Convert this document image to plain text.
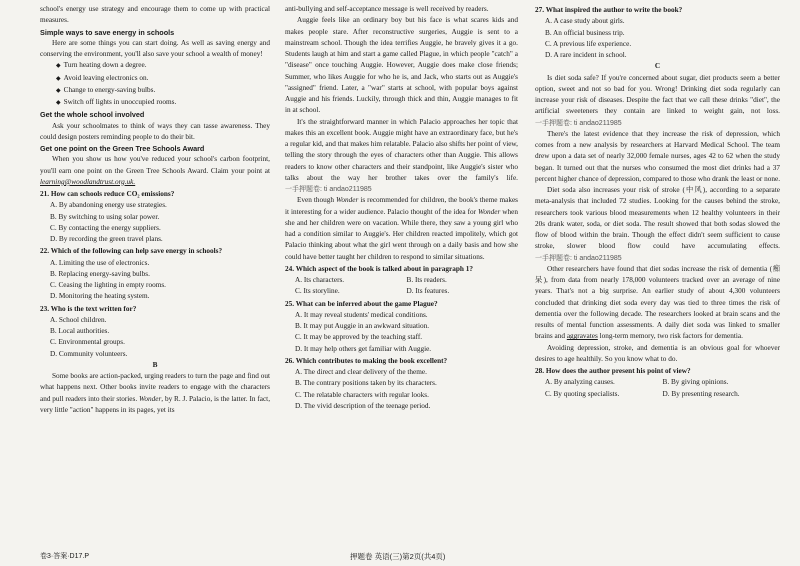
school's energy use strategy and encourage them to come up with practical measures.
Simple ways to save energy in schools
Here are some things you can start doing. As well as saving energy and conserving the environment, you'll also save your school a wealth of money!
◆ Turn heating down a degree.
◆ Avoid leaving electronics on.
◆ Change to energy-saving bulbs.
◆ Switch off lights in unoccupied rooms.
Get the whole school involved
Ask your schoolmates to think of ways they can tasse awareness. They could design posters reminding people to do their bit.
Get one point on the Green Tree Schools Award
When you show us how you've reduced your school's carbon footprint, you'll earn one point on the Green Tree Schools Award. Claim your point at learning@woodlandtrust.org.uk.
21. How can schools reduce CO₂ emissions?
A. By abandoning energy use strategies.
B. By switching to using solar power.
C. By contacting the energy suppliers.
D. By recording the green travel plans.
22. Which of the following can help save energy in schools?
A. Limiting the use of electronics.
B. Replacing energy-saving bulbs.
C. Ceasing the lighting in empty rooms.
D. Monitoring the heating system.
23. Who is the text written for?
A. School children.
B. Local authorities.
C. Environmental groups.
D. Community volunteers.
B
Some books are action-packed, urging readers to turn the page and find out what happens next. Other books invite readers to engage with the characters and pull readers into their stories. Wonder, by R. J. Palacio, is the latter. In fact, very little "action" happens in its pages, yet its
anti-bullying and self-acceptance message is well received by readers.
Auggie feels like an ordinary boy but his face is what scares kids and makes people stare. After reconstructive surgeries, Auggie is sent to a mainstream school. Though the idea terrifies Auggie, he bravely gives it a go. Students laugh at him and start a game called Plague, in which people "catch" a "disease" once touching Auggie. However, Auggie does make close friends; Summer, who likes Auggie for who he is, and Jack, who starts out as Auggie's "assigned" friend. Later, a "war" starts at school, with popular boys against Auggie and his friends. Luckily, through thick and thin, Auggie manages to fit in at school.
It's the straightforward manner in which Palacio approaches her topic that makes this an excellent book. Auggie might have an extraordinary face, but he's a regular kid, and that makes him relatable. Palacio also shifts her point of view, telling the story through the eyes of characters other than Auggie. This allows readers to know other characters and their standpoint, like Auggie's sister who talks about the way her brother takes over the family's life. 一手押题卷: ti andao211985
Even though Wonder is recommended for children, the book's theme makes it interesting for a wider audience. Palacio thought of the idea for Wonder when she and her children were on vacation. While there, they saw a young girl who had a condition similar to Auggie's. Her children reacted impolitely, which got Palacio thinking about what the girl went through on a daily basis and how she could have better taught her children to respond to similar situations.
24. Which aspect of the book is talked about in paragraph 1?
A. Its characters.	B. Its readers.
C. Its storyline.	D. Its features.
25. What can be inferred about the game Plague?
A. It may reveal students' medical conditions.
B. It may put Auggie in an awkward situation.
C. It may be approved by the teaching staff.
D. It may help others get familiar with Auggie.
26. Which contributes to making the book excellent?
A. The direct and clear delivery of the theme.
B. The contrary positions taken by its characters.
C. The relatable characters with regular looks.
D. The vivid description of the teenage period.
27. What inspired the author to write the book?
A. A case study about girls.
B. An official business trip.
C. A previous life experience.
D. A rare incident in school.
C
Is diet soda safe? If you're concerned about sugar, diet products seem a better option, sweet and not so bad for you. Wrong! Drinking diet soda regularly can increase your risk of diseases. Despite the fact that we call these drinks "diet", the artificial sweeteners they contain are linked to weight gain, not loss. 一手押题卷: ti andao211985
There's the latest evidence that they increase the risk of depression, which comes from a new analysis by researchers at Harvard Medical School. The team drew upon a data set of nearly 32,000 female nurses, ages 42 to 62 when the study began. It turned out that the nurses who consumed the most diet drinks had a 37 percent higher chance of depression, compared to those who drank the least or none.
Diet soda also increases your risk of stroke (中风), according to a separate meta-analysis that included 72 studies. Looking for the causes behind the stroke, researchers took various blood measurements when 12 healthy volunteers in their 20s drank water, soda, or diet soda. The result showed that both sodas slowed the flow of blood within the brain. Though the effect didn't seem sufficient to cause stroke, slower blood flow could have accumulating effects. 一手押题卷: ti andao211985
Other researchers have found that diet sodas increase the risk of dementia (痴呆), from data from nearly 178,000 volunteers tracked over an average of nine years. That's not a big surprise. An earlier study of about 4,300 volunteers concluded that drinking diet soda every day was tied to three times the risk of dementia over the following decade. The researchers looked at brain scans and the results of mental function assessments. A daily diet soda was linked to smaller brains and aggravates long-term memory, two risk factors for dementia.
Avoiding depression, stroke, and dementia is an obvious goal for whoever desires to age healthily. So you know what to do.
28. How does the author present his point of view?
A. By analyzing causes.	B. By giving opinions.
C. By quoting specialists.	D. By presenting research.
卷3·答案·D17.P	押题卷 英语(三)第2页(共4页)
